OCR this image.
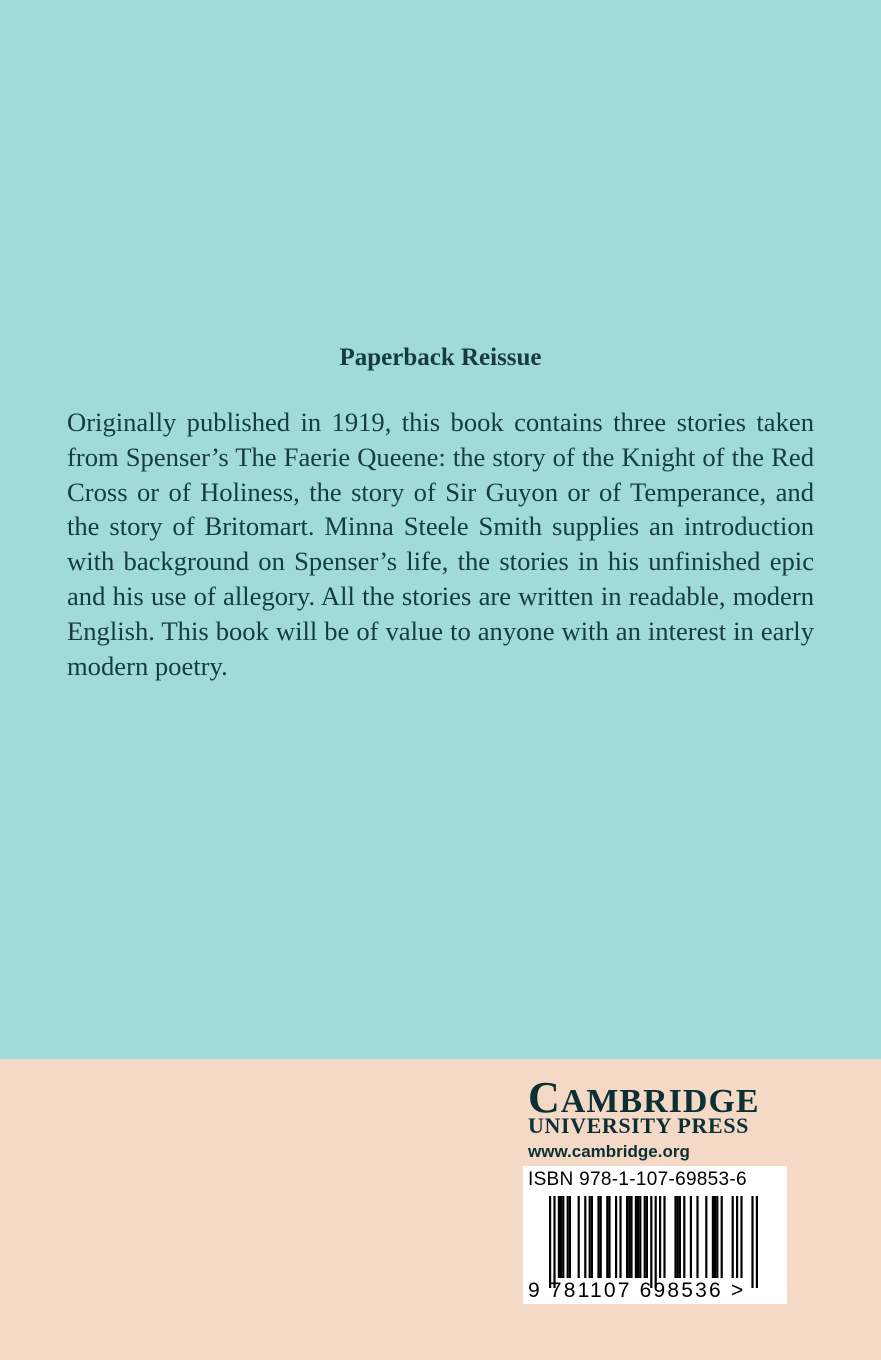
Paperback Reissue
Originally published in 1919, this book contains three stories taken from Spenser’s The Faerie Queene: the story of the Knight of the Red Cross or of Holiness, the story of Sir Guyon or of Temperance, and the story of Britomart. Minna Steele Smith supplies an introduction with background on Spenser’s life, the stories in his unfinished epic and his use of allegory. All the stories are written in readable, modern English. This book will be of value to anyone with an interest in early modern poetry.
CAMBRIDGE
UNIVERSITY PRESS
www.cambridge.org
ISBN 978-1-107-69853-6
9 781107 698536 >
